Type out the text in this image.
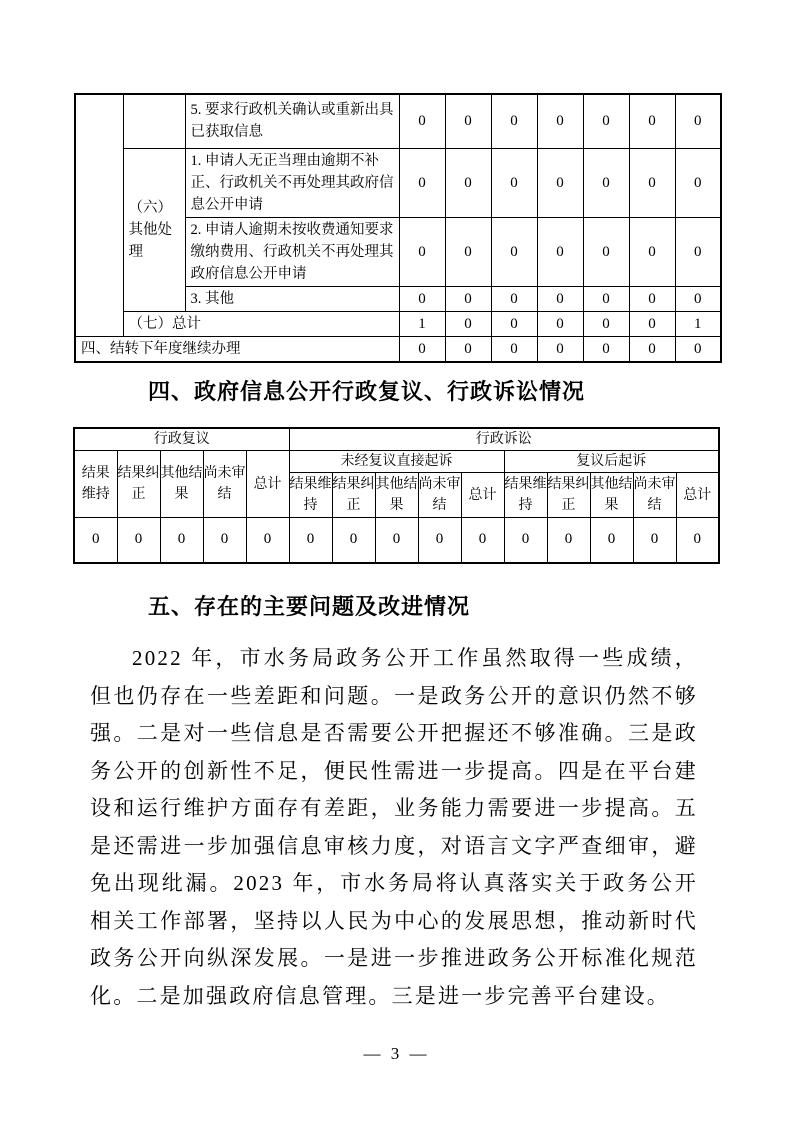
		5. 要求行政机关确认或重新出具已获取信息	0	0	0	0	0	0	0
	（六）其他处理	1. 申请人无正当理由逾期不补正、行政机关不再处理其政府信息公开申请	0	0	0	0	0	0	0
		2. 申请人逾期未按收费通知要求缴纳费用、行政机关不再处理其政府信息公开申请	0	0	0	0	0	0	0
		3. 其他	0	0	0	0	0	0	0
	（七）总计		1	0	0	0	0	0	1
四、结转下年度继续办理			0	0	0	0	0	0	0
四、政府信息公开行政复议、行政诉讼情况
行政复议					行政诉讼									
结果维持	结果纠正	其他结果	尚未审结	总计	未经复议直接起诉					复议后起诉				
					结果维持	结果纠正	其他结果	尚未审结	总计	结果维持	结果纠正	其他结果	尚未审结	总计
0	0	0	0	0	0	0	0	0	0	0	0	0	0	0
五、存在的主要问题及改进情况

2022 年，市水务局政务公开工作虽然取得一些成绩，但也仍存在一些差距和问题。一是政务公开的意识仍然不够强。二是对一些信息是否需要公开把握还不够准确。三是政务公开的创新性不足，便民性需进一步提高。四是在平台建设和运行维护方面存有差距，业务能力需要进一步提高。五是还需进一步加强信息审核力度，对语言文字严查细审，避免出现纰漏。2023 年，市水务局将认真落实关于政务公开相关工作部署，坚持以人民为中心的发展思想，推动新时代政务公开向纵深发展。一是进一步推进政务公开标准化规范化。二是加强政府信息管理。三是进一步完善平台建设。

— 3 —
